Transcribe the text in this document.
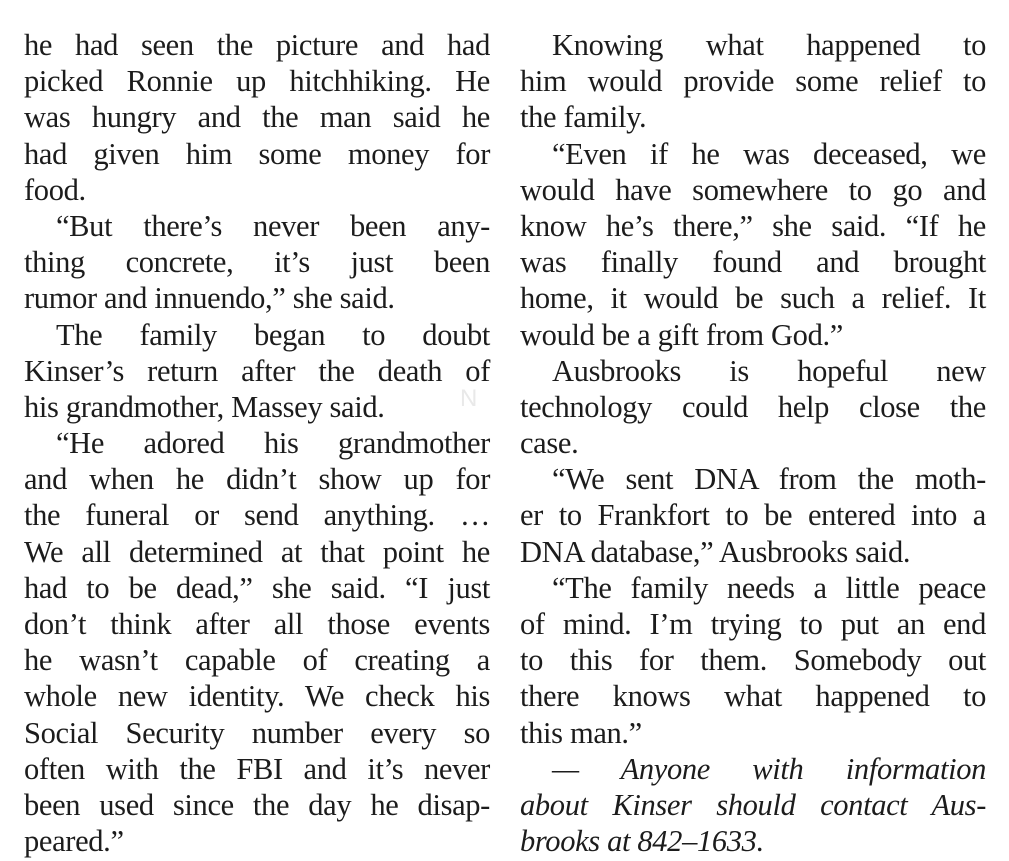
he had seen the picture and had
picked Ronnie up hitchhiking. He
was hungry and the man said he
had given him some money for
food.
“But there’s never been any-
thing concrete, it’s just been
rumor and innuendo,” she said.
The family began to doubt
Kinser’s return after the death of
his grandmother, Massey said.
“He adored his grandmother
and when he didn’t show up for
the funeral or send anything. …
We all determined at that point he
had to be dead,” she said. “I just
don’t think after all those events
he wasn’t capable of creating a
whole new identity. We check his
Social Security number every so
often with the FBI and it’s never
been used since the day he disap-
peared.”
Knowing what happened to
him would provide some relief to
the family.
“Even if he was deceased, we
would have somewhere to go and
know he’s there,” she said. “If he
was finally found and brought
home, it would be such a relief. It
would be a gift from God.”
Ausbrooks is hopeful new
technology could help close the
case.
“We sent DNA from the moth-
er to Frankfort to be entered into a
DNA database,” Ausbrooks said.
“The family needs a little peace
of mind. I’m trying to put an end
to this for them. Somebody out
there knows what happened to
this man.”
— Anyone with information
about Kinser should contact Aus-
brooks at 842–1633.
N
